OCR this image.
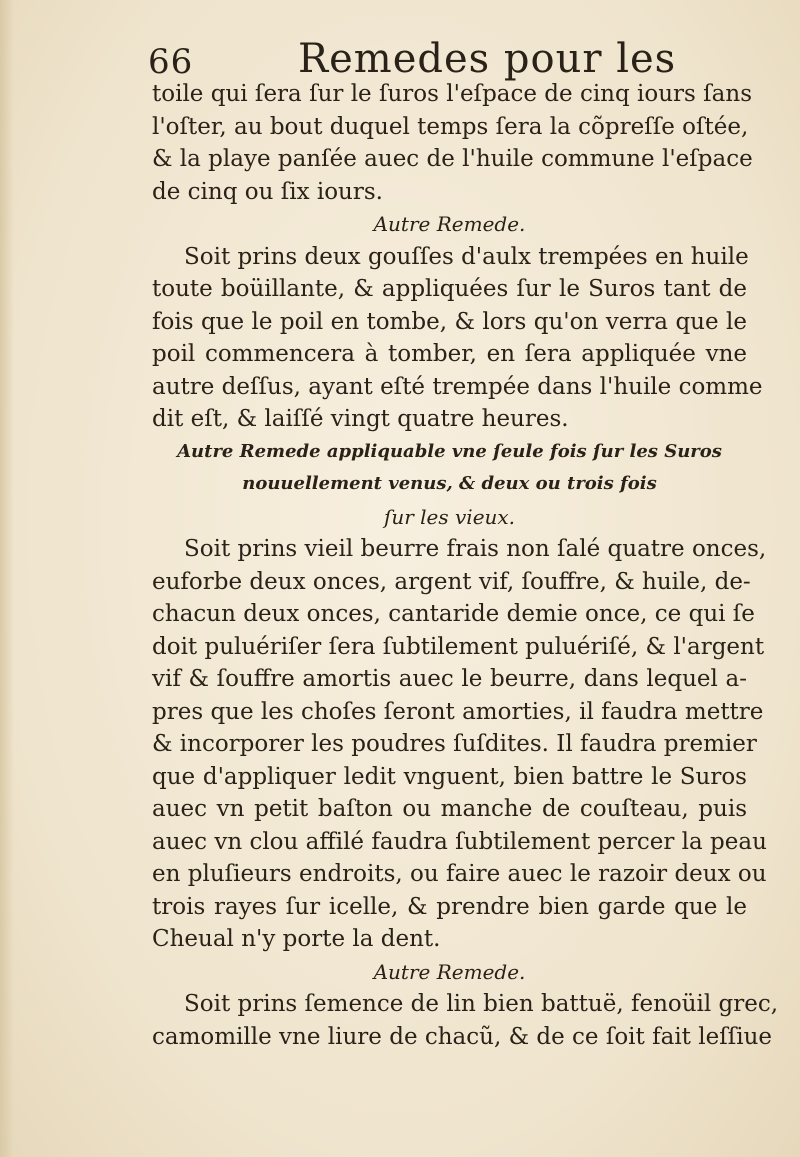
66	Remedes pour les
toile qui ſera ſur le ſuros l'eſpace de cinq iours ſans
l'oſter, au bout duquel temps ſera la cõpreſſe oſtée,
& la playe panſée auec de l'huile commune l'eſpace
de cinq ou ſix iours.
Autre Remede.
Soit prins deux gouſſes d'aulx trempées en huile
toute boüillante, & appliquées ſur le Suros tant de
fois que le poil en tombe, & lors qu'on verra que le
poil commencera à tomber, en ſera appliquée vne
autre deſſus, ayant eſté trempée dans l'huile comme
dit eſt, & laiſſé vingt quatre heures.
Autre Remede appliquable vne ſeule fois ſur les Suros
nouuellement venus, & deux ou trois fois
ſur les vieux.
Soit prins vieil beurre frais non ſalé quatre onces,
euforbe deux onces, argent vif, ſouffre, & huile, de-
chacun deux onces, cantaride demie once, ce qui ſe
doit puluériſer ſera ſubtilement puluériſé, & l'argent
vif & ſouffre amortis auec le beurre, dans lequel a-
pres que les choſes ſeront amorties, il faudra mettre
& incorporer les poudres ſuſdites. Il faudra premier
que d'appliquer ledit vnguent, bien battre le Suros
auec vn petit baſton ou manche de couſteau, puis
auec vn clou affilé faudra ſubtilement percer la peau
en pluſieurs endroits, ou faire auec le razoir deux ou
trois rayes ſur icelle, & prendre bien garde que le
Cheual n'y porte la dent.
Autre Remede.
Soit prins ſemence de lin bien battuë, fenoüil grec,
camomille vne liure de chacũ, & de ce ſoit fait leſſiue
